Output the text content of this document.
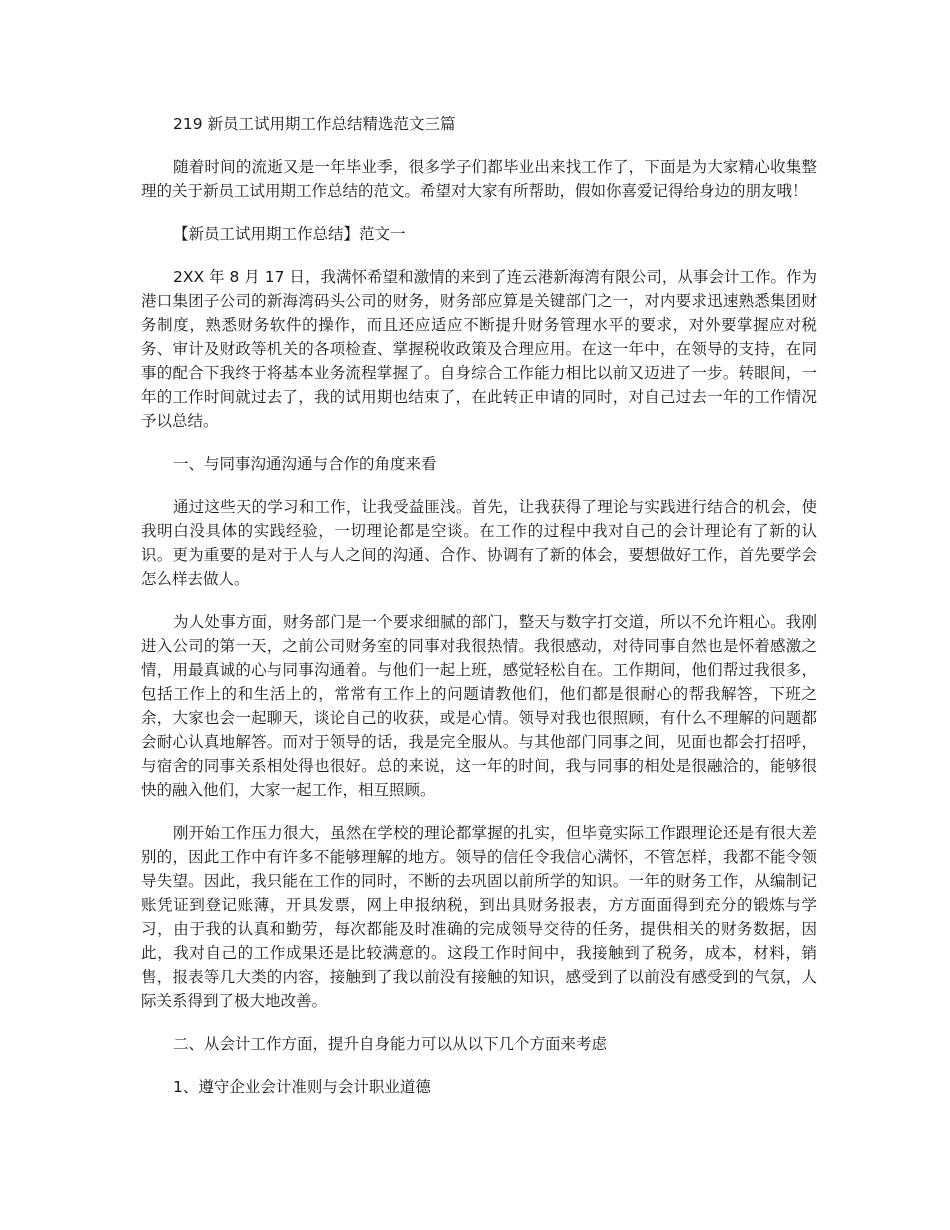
219 新员工试用期工作总结精选范文三篇

随着时间的流逝又是一年毕业季，很多学子们都毕业出来找工作了，下面是为大家精心收集整理的关于新员工试用期工作总结的范文。希望对大家有所帮助，假如你喜爱记得给身边的朋友哦！

【新员工试用期工作总结】范文一

2XX 年 8 月 17 日，我满怀希望和激情的来到了连云港新海湾有限公司，从事会计工作。作为港口集团子公司的新海湾码头公司的财务，财务部应算是关键部门之一，对内要求迅速熟悉集团财务制度，熟悉财务软件的操作，而且还应适应不断提升财务管理水平的要求，对外要掌握应对税务、审计及财政等机关的各项检查、掌握税收政策及合理应用。在这一年中，在领导的支持，在同事的配合下我终于将基本业务流程掌握了。自身综合工作能力相比以前又迈进了一步。转眼间，一年的工作时间就过去了，我的试用期也结束了，在此转正申请的同时，对自己过去一年的工作情况予以总结。

一、与同事沟通沟通与合作的角度来看

通过这些天的学习和工作，让我受益匪浅。首先，让我获得了理论与实践进行结合的机会，使我明白没具体的实践经验，一切理论都是空谈。在工作的过程中我对自己的会计理论有了新的认识。更为重要的是对于人与人之间的沟通、合作、协调有了新的体会，要想做好工作，首先要学会怎么样去做人。

为人处事方面，财务部门是一个要求细腻的部门，整天与数字打交道，所以不允许粗心。我刚进入公司的第一天，之前公司财务室的同事对我很热情。我很感动，对待同事自然也是怀着感激之情，用最真诚的心与同事沟通着。与他们一起上班，感觉轻松自在。工作期间，他们帮过我很多，包括工作上的和生活上的，常常有工作上的问题请教他们，他们都是很耐心的帮我解答，下班之余，大家也会一起聊天，谈论自己的收获，或是心情。领导对我也很照顾，有什么不理解的问题都会耐心认真地解答。而对于领导的话，我是完全服从。与其他部门同事之间，见面也都会打招呼，与宿舍的同事关系相处得也很好。总的来说，这一年的时间，我与同事的相处是很融洽的，能够很快的融入他们，大家一起工作，相互照顾。

刚开始工作压力很大，虽然在学校的理论都掌握的扎实，但毕竟实际工作跟理论还是有很大差别的，因此工作中有许多不能够理解的地方。领导的信任令我信心满怀，不管怎样，我都不能令领导失望。因此，我只能在工作的同时，不断的去巩固以前所学的知识。一年的财务工作，从编制记账凭证到登记账薄，开具发票，网上申报纳税，到出具财务报表，方方面面得到充分的锻炼与学习，由于我的认真和勤劳，每次都能及时准确的完成领导交待的任务，提供相关的财务数据，因此，我对自己的工作成果还是比较满意的。这段工作时间中，我接触到了税务，成本，材料，销售，报表等几大类的内容，接触到了我以前没有接触的知识，感受到了以前没有感受到的气氛，人际关系得到了极大地改善。

二、从会计工作方面，提升自身能力可以从以下几个方面来考虑

1、遵守企业会计准则与会计职业道德
